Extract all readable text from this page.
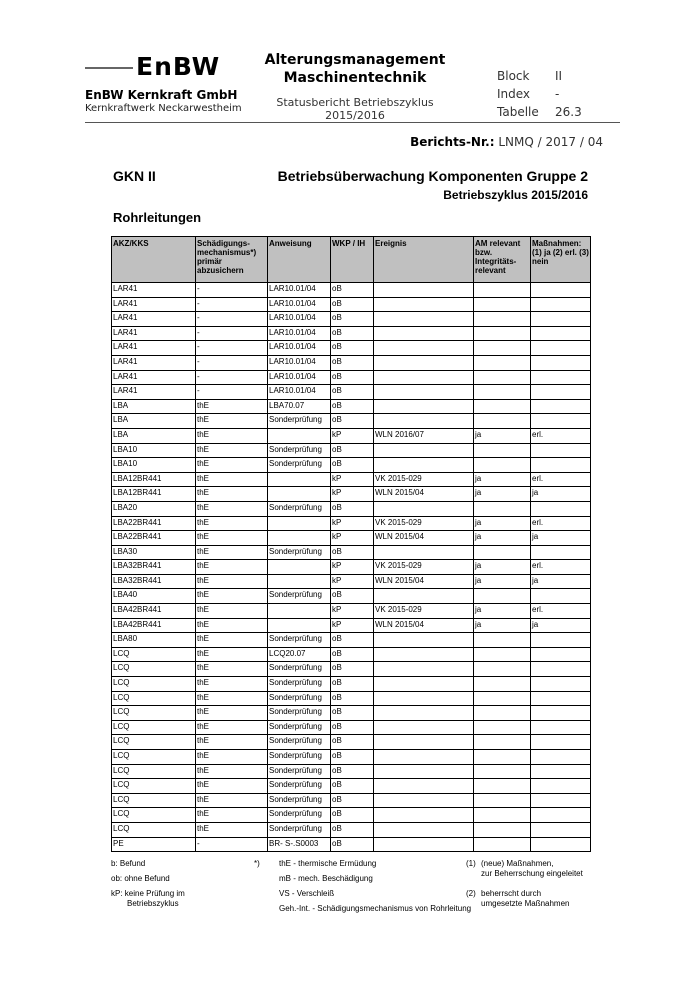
EnBW
EnBW Kernkraft GmbH
Kernkraftwerk Neckarwestheim
Alterungsmanagement
Maschinentechnik
Statusbericht Betriebszyklus 2015/2016
Block II
Index -
Tabelle 26.3
Berichts-Nr.: LNMQ / 2017 / 04
GKN II	Betriebsüberwachung Komponenten Gruppe 2
Betriebszyklus 2015/2016
Rohrleitungen
AKZ/KKS	Schädigungs-mechanismus*) primär abzusichern	Anweisung	WKP / IH	Ereignis	AM relevant bzw. Integritäts-relevant	Maßnahmen: (1) ja (2) erl. (3) nein
LAR41	-	LAR10.01/04	oB			
LAR41	-	LAR10.01/04	oB			
LAR41	-	LAR10.01/04	oB			
LAR41	-	LAR10.01/04	oB			
LAR41	-	LAR10.01/04	oB			
LAR41	-	LAR10.01/04	oB			
LAR41	-	LAR10.01/04	oB			
LAR41	-	LAR10.01/04	oB			
LBA	thE	LBA70.07	oB			
LBA	thE	Sonderprüfung	oB			
LBA	thE		kP	WLN 2016/07	ja	erl.
LBA10	thE	Sonderprüfung	oB			
LBA10	thE	Sonderprüfung	oB			
LBA12BR441	thE		kP	VK 2015-029	ja	erl.
LBA12BR441	thE		kP	WLN 2015/04	ja	ja
LBA20	thE	Sonderprüfung	oB			
LBA22BR441	thE		kP	VK 2015-029	ja	erl.
LBA22BR441	thE		kP	WLN 2015/04	ja	ja
LBA30	thE	Sonderprüfung	oB			
LBA32BR441	thE		kP	VK 2015-029	ja	erl.
LBA32BR441	thE		kP	WLN 2015/04	ja	ja
LBA40	thE	Sonderprüfung	oB			
LBA42BR441	thE		kP	VK 2015-029	ja	erl.
LBA42BR441	thE		kP	WLN 2015/04	ja	ja
LBA80	thE	Sonderprüfung	oB			
LCQ	thE	LCQ20.07	oB			
LCQ	thE	Sonderprüfung	oB			
LCQ	thE	Sonderprüfung	oB			
LCQ	thE	Sonderprüfung	oB			
LCQ	thE	Sonderprüfung	oB			
LCQ	thE	Sonderprüfung	oB			
LCQ	thE	Sonderprüfung	oB			
LCQ	thE	Sonderprüfung	oB			
LCQ	thE	Sonderprüfung	oB			
LCQ	thE	Sonderprüfung	oB			
LCQ	thE	Sonderprüfung	oB			
LCQ	thE	Sonderprüfung	oB			
LCQ	thE	Sonderprüfung	oB			
PE	-	BR- S-.S0003	oB			
b: Befund
ob: ohne Befund
kP: keine Prüfung im
Betriebszyklus
*) thE - thermische Ermüdung
mB - mech. Beschädigung
VS - Verschleiß
Geh.-Int. - Schädigungsmechanismus von Rohrleitung
(1) (neue) Maßnahmen,
zur Beherrschung eingeleitet
(2) beherrscht durch
umgesetzte Maßnahmen
